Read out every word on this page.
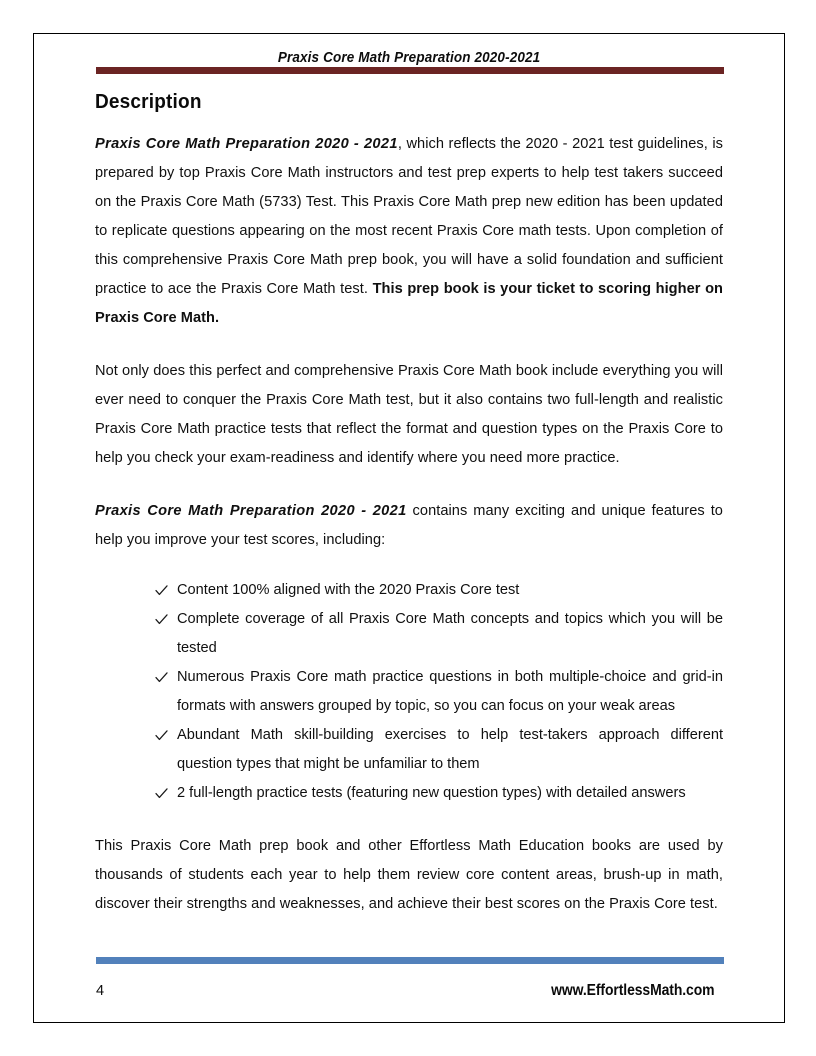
Praxis Core Math Preparation 2020-2021
Description

Praxis Core Math Preparation 2020 - 2021, which reflects the 2020 - 2021 test guidelines, is prepared by top Praxis Core Math instructors and test prep experts to help test takers succeed on the Praxis Core Math (5733) Test. This Praxis Core Math prep new edition has been updated to replicate questions appearing on the most recent Praxis Core math tests. Upon completion of this comprehensive Praxis Core Math prep book, you will have a solid foundation and sufficient practice to ace the Praxis Core Math test. This prep book is your ticket to scoring higher on Praxis Core Math.

Not only does this perfect and comprehensive Praxis Core Math book include everything you will ever need to conquer the Praxis Core Math test, but it also contains two full-length and realistic Praxis Core Math practice tests that reflect the format and question types on the Praxis Core to help you check your exam-readiness and identify where you need more practice.

Praxis Core Math Preparation 2020 - 2021 contains many exciting and unique features to help you improve your test scores, including:

Content 100% aligned with the 2020 Praxis Core test
Complete coverage of all Praxis Core Math concepts and topics which you will be tested
Numerous Praxis Core math practice questions in both multiple-choice and grid-in formats with answers grouped by topic, so you can focus on your weak areas
Abundant Math skill-building exercises to help test-takers approach different question types that might be unfamiliar to them
2 full-length practice tests (featuring new question types) with detailed answers

This Praxis Core Math prep book and other Effortless Math Education books are used by thousands of students each year to help them review core content areas, brush-up in math, discover their strengths and weaknesses, and achieve their best scores on the Praxis Core test.

4	www.EffortlessMath.com
